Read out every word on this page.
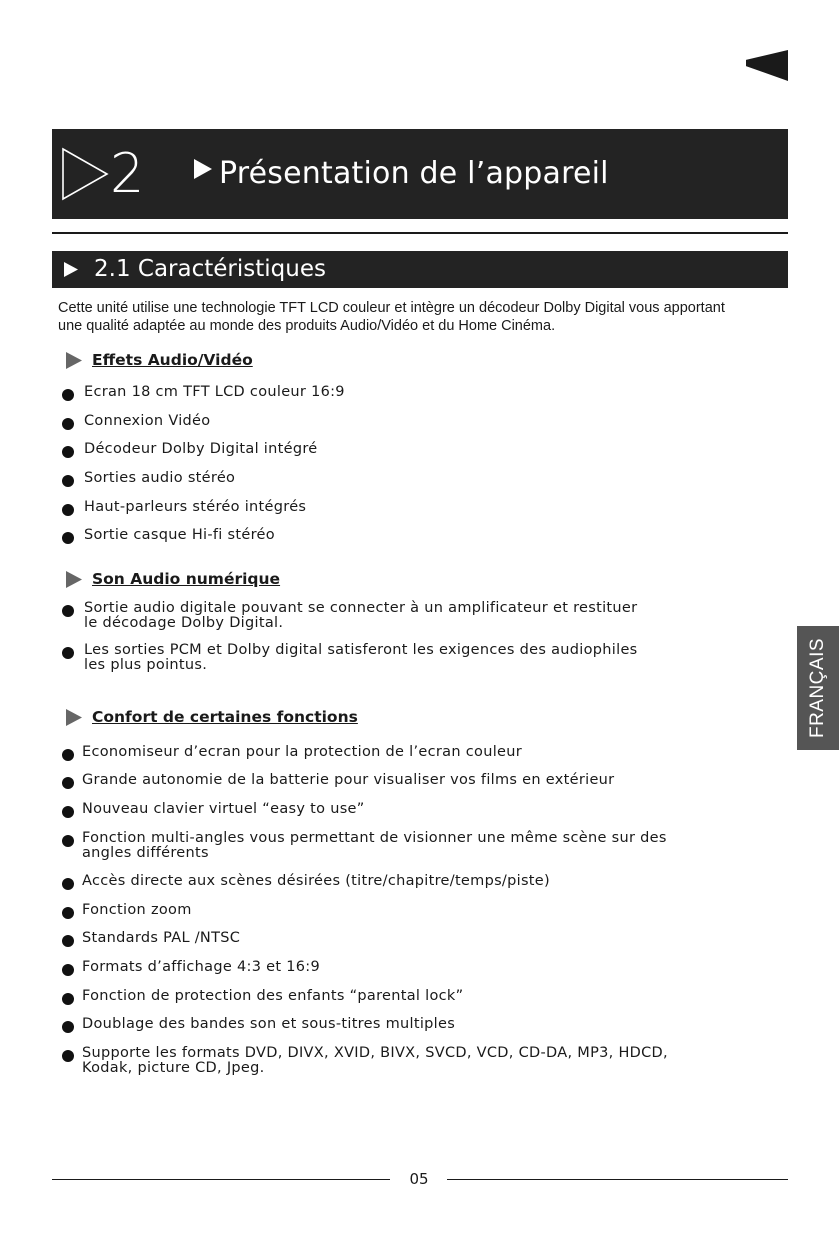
2 Présentation de l’appareil
2.1 Caractéristiques

Cette unité utilise une technologie TFT LCD couleur et intègre un décodeur Dolby Digital vous apportant une qualité adaptée au monde des produits Audio/Vidéo et du Home Cinéma.

Effets Audio/Vidéo
Ecran 18 cm TFT LCD couleur 16:9
Connexion Vidéo
Décodeur Dolby Digital intégré
Sorties audio stéréo
Haut-parleurs stéréo intégrés
Sortie casque Hi-fi stéréo
Son Audio numérique
Sortie audio digitale pouvant se connecter à un amplificateur et restituer le décodage Dolby Digital.
Les sorties PCM et Dolby digital satisferont les exigences des audiophiles les plus pointus.
Confort de certaines fonctions
Economiseur d’ecran pour la protection de l’ecran couleur
Grande autonomie de la batterie pour visualiser vos films en extérieur
Nouveau clavier virtuel “easy to use”
Fonction multi-angles vous permettant de visionner une même scène sur des angles différents
Accès directe aux scènes désirées (titre/chapitre/temps/piste)
Fonction zoom
Standards PAL /NTSC
Formats d’affichage 4:3 et 16:9
Fonction de protection des enfants “parental lock”
Doublage des bandes son et sous-titres multiples
Supporte les formats DVD, DIVX, XVID, BIVX, SVCD, VCD, CD-DA, MP3, HDCD, Kodak, picture CD, Jpeg.
FRANÇAIS
05
